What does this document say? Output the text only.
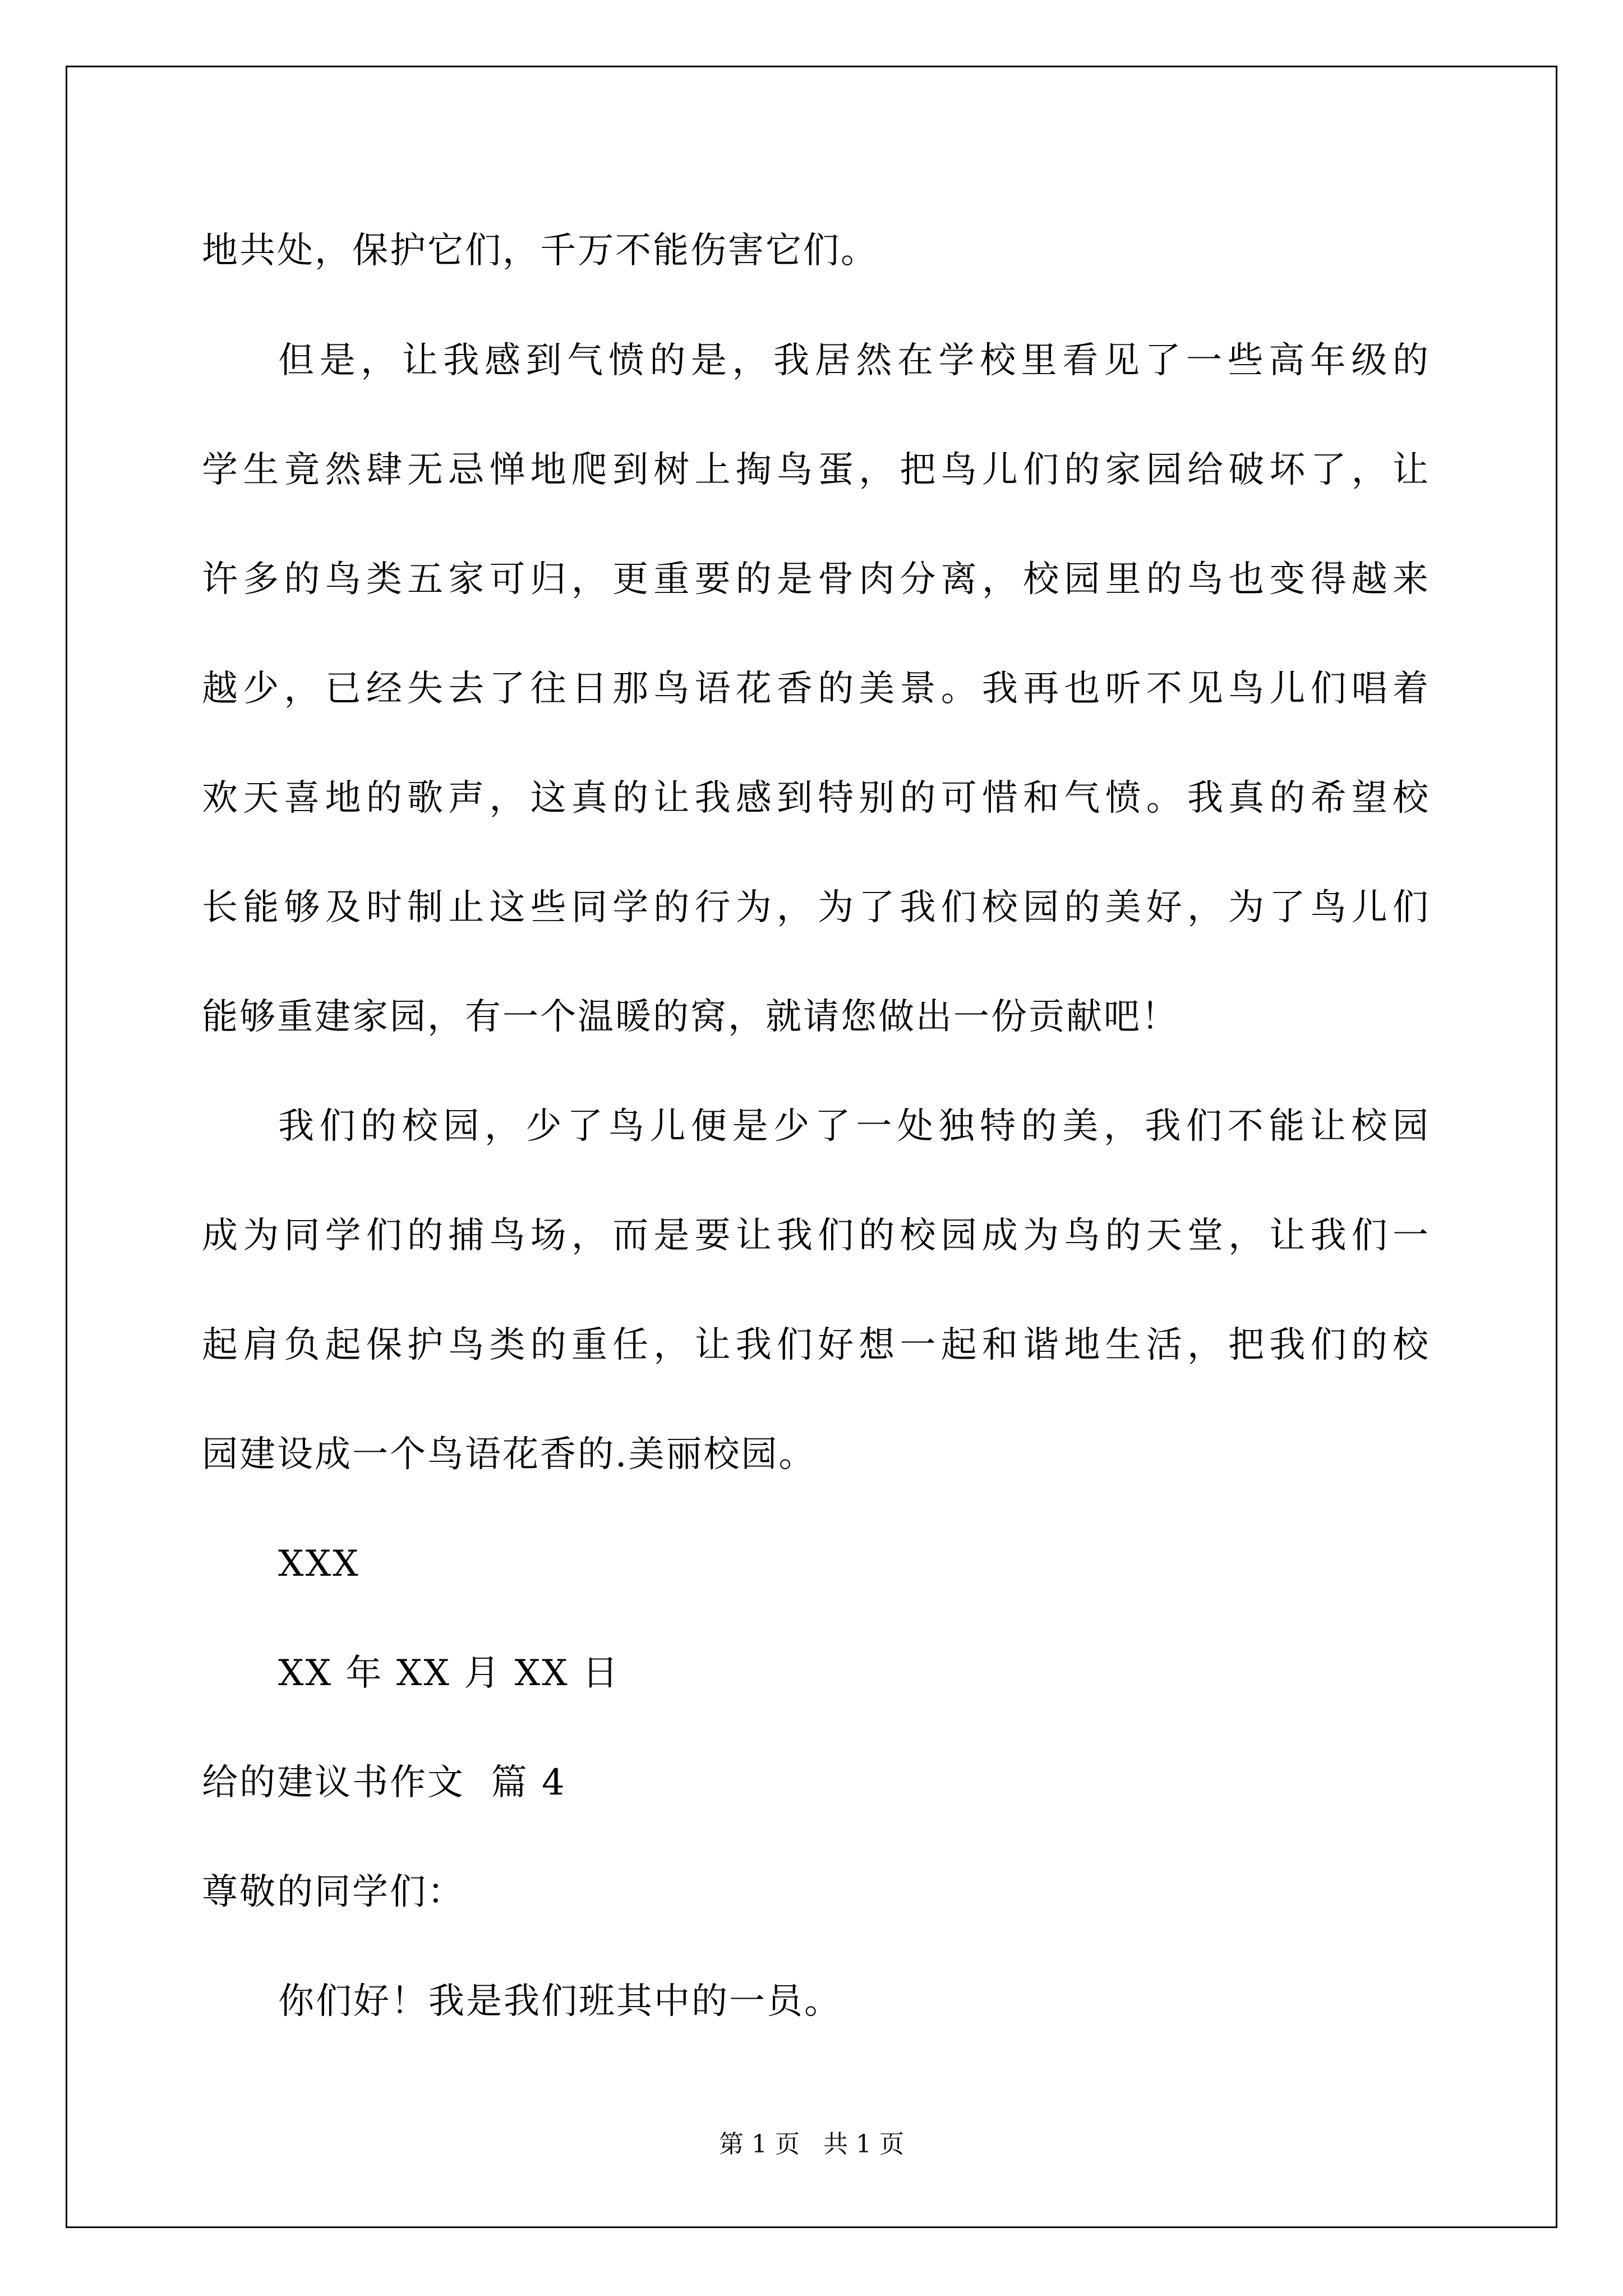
地共处，保护它们，千万不能伤害它们。
但是，让我感到气愤的是，我居然在学校里看见了一些高年级的
学生竟然肆无忌惮地爬到树上掏鸟蛋，把鸟儿们的家园给破坏了，让
许多的鸟类五家可归，更重要的是骨肉分离，校园里的鸟也变得越来
越少，已经失去了往日那鸟语花香的美景。我再也听不见鸟儿们唱着
欢天喜地的歌声，这真的让我感到特别的可惜和气愤。我真的希望校
长能够及时制止这些同学的行为，为了我们校园的美好，为了鸟儿们
能够重建家园，有一个温暖的窝，就请您做出一份贡献吧！
我们的校园，少了鸟儿便是少了一处独特的美，我们不能让校园
成为同学们的捕鸟场，而是要让我们的校园成为鸟的天堂，让我们一
起肩负起保护鸟类的重任，让我们好想一起和谐地生活，把我们的校
园建设成一个鸟语花香的.美丽校园。
XXX
XX 年 XX 月 XX 日
给的建议书作文  篇 4
尊敬的同学们：
你们好！我是我们班其中的一员。
第 1 页   共 1 页
